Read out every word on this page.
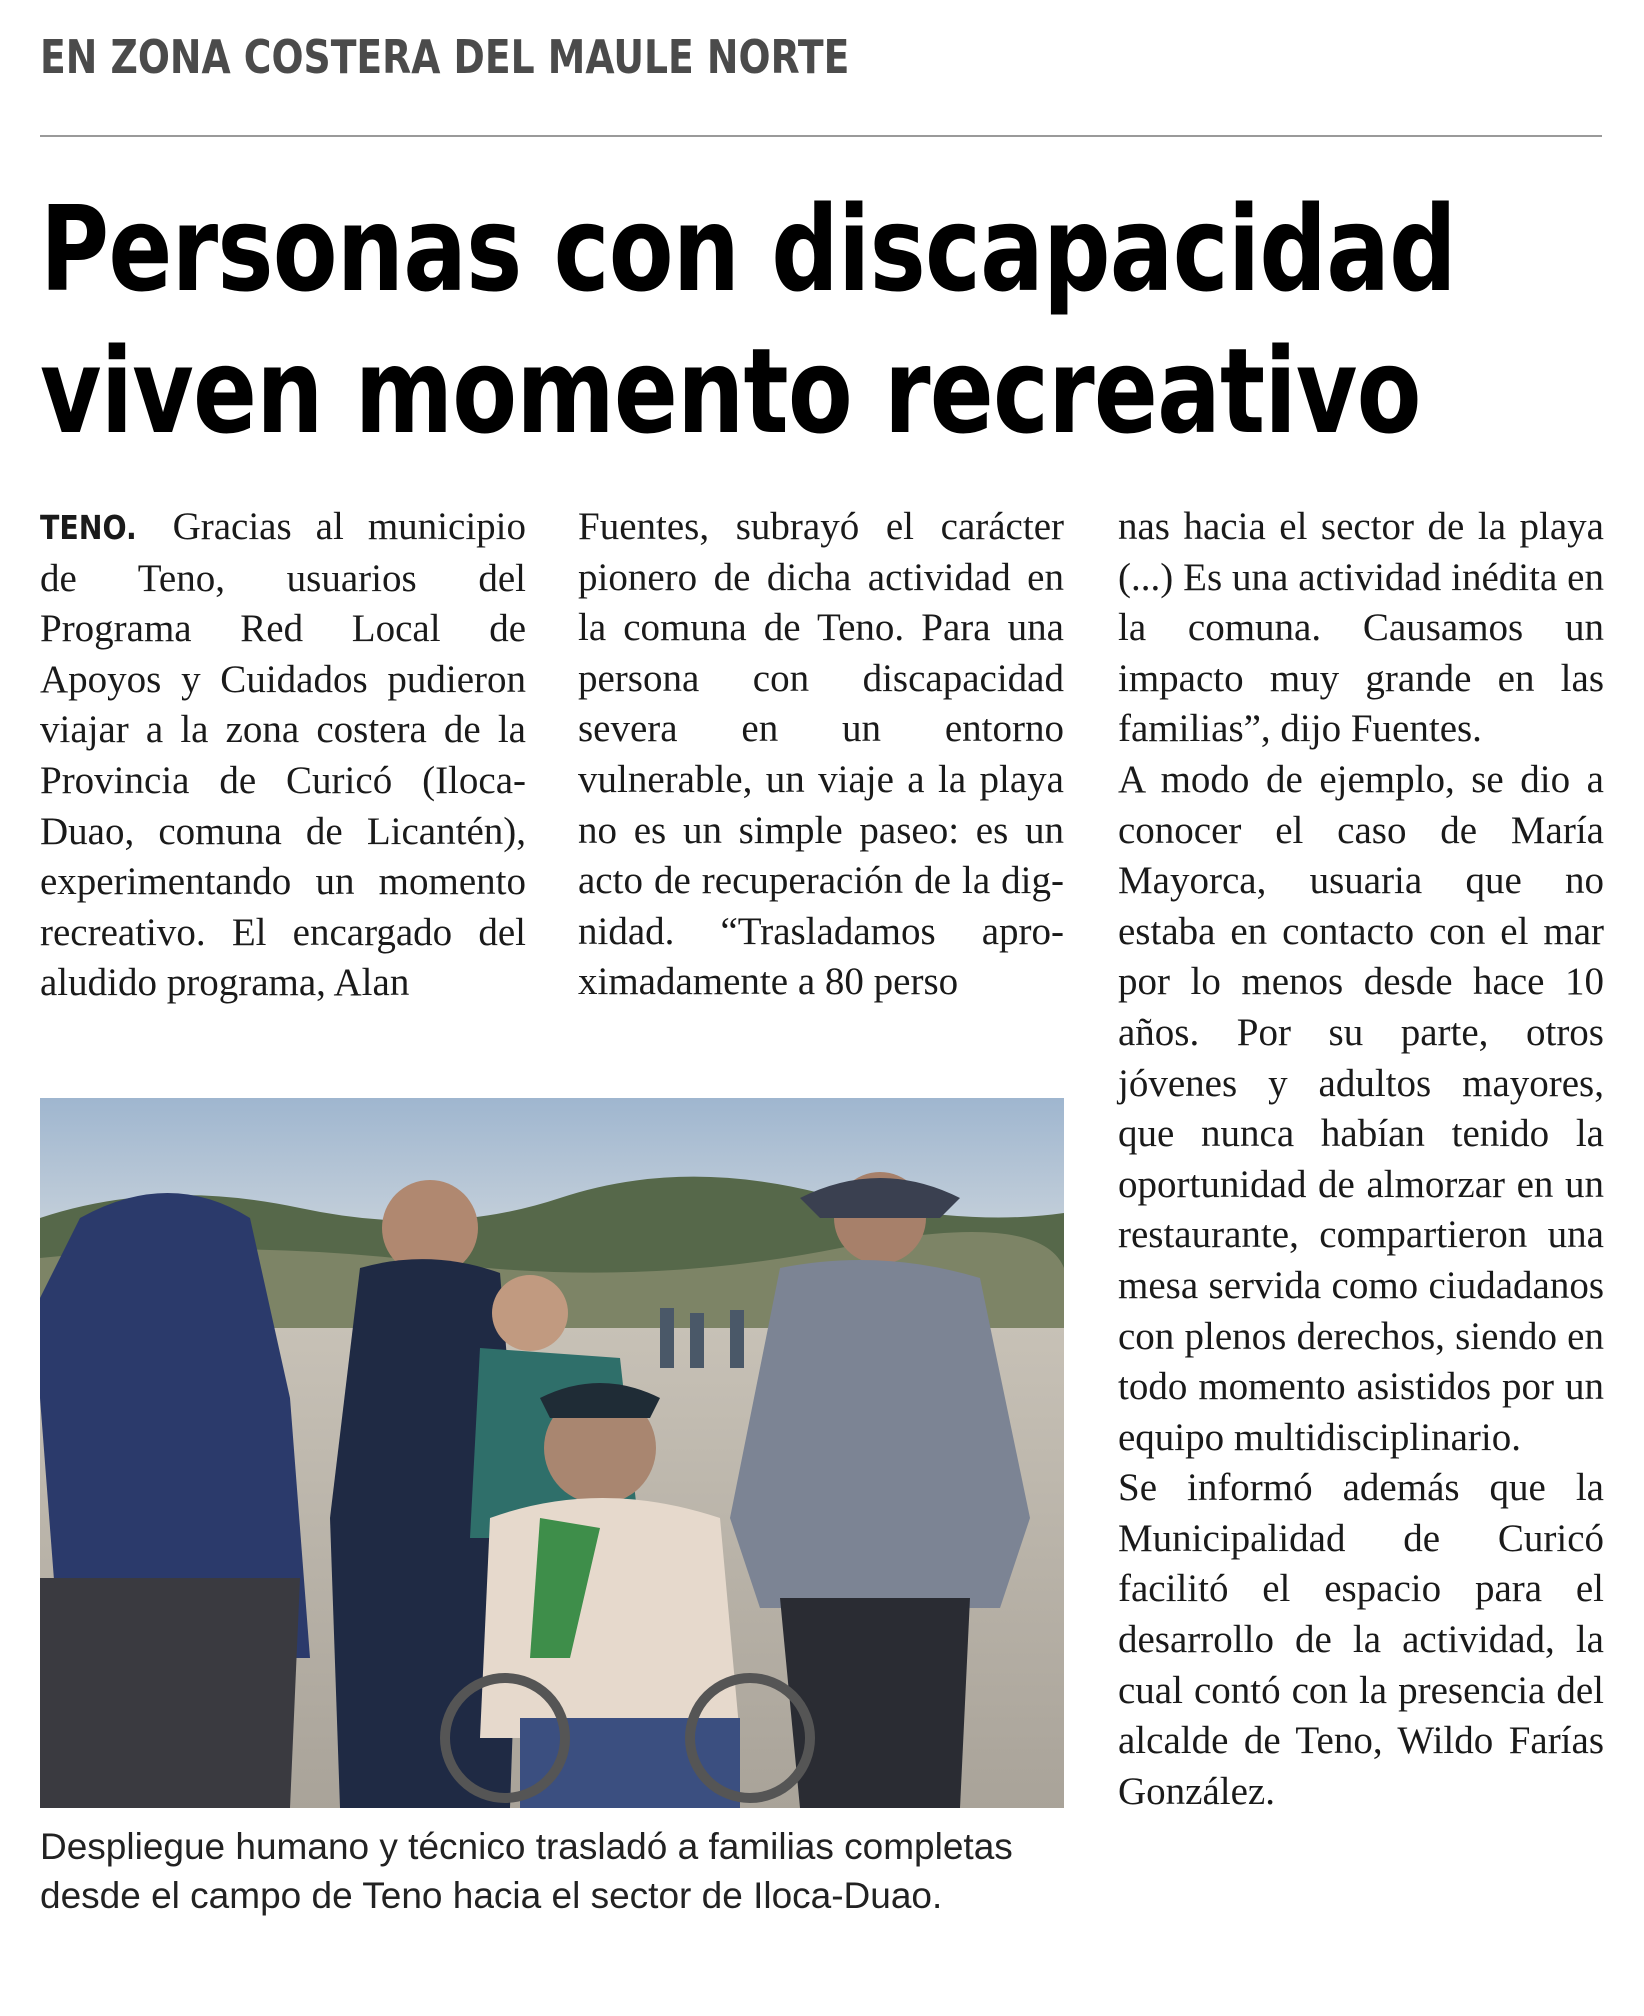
EN ZONA COSTERA DEL MAULE NORTE
Personas con discapacidad
viven momento recreativo

TENO. Gracias al municipio de Teno, usuarios del Programa Red Local de Apoyos y Cuidados pudieron viajar a la zona costera de la Provincia de Curicó (Iloca-Duao, comuna de Licantén), experimentando un momento recreativo. El encargado del aludido programa, Alan

Fuentes, subrayó el carácter pionero de dicha actividad en la comuna de Teno. Para una persona con discapacidad severa en un entorno vulnerable, un viaje a la playa no es un simple paseo: es un acto de recuperación de la dignidad. “Trasladamos aproximadamente a 80 perso

nas hacia el sector de la playa (...) Es una actividad inédita en la comuna. Causamos un impacto muy grande en las familias”, dijo Fuentes.

A modo de ejemplo, se dio a conocer el caso de María Mayorca, usuaria que no estaba en contacto con el mar por lo menos desde hace 10 años. Por su parte, otros jóvenes y adultos mayores, que nunca habían tenido la oportunidad de almorzar en un restaurante, compartieron una mesa servida como ciudadanos con plenos derechos, siendo en todo momento asistidos por un equipo multidisciplinario.

Se informó además que la Municipalidad de Curicó facilitó el espacio para el desarrollo de la actividad, la cual contó con la presencia del alcalde de Teno, Wildo Farías González.

Despliegue humano y técnico trasladó a familias completas desde el campo de Teno hacia el sector de Iloca-Duao.
